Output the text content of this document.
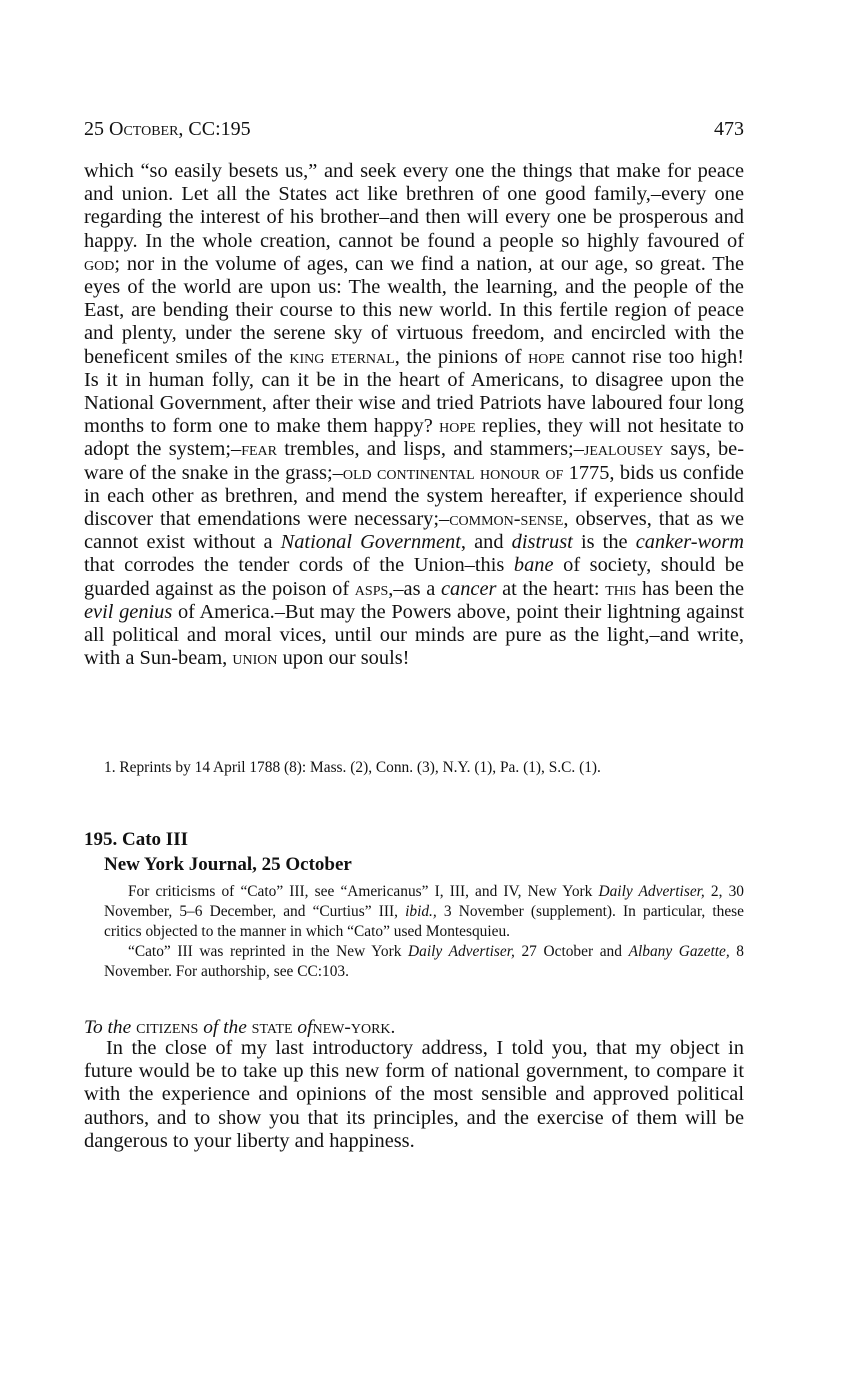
25 October, CC:195	473
which “so easily besets us,” and seek every one the things that make for peace and union. Let all the States act like brethren of one good family,–every one regarding the interest of his brother–and then will every one be prosperous and happy. In the whole creation, cannot be found a people so highly favoured of god; nor in the volume of ages, can we find a nation, at our age, so great. The eyes of the world are upon us: The wealth, the learning, and the people of the East, are bending their course to this new world. In this fertile region of peace and plenty, under the serene sky of virtuous freedom, and encircled with the beneficent smiles of the king eternal, the pinions of hope cannot rise too high! Is it in human folly, can it be in the heart of Americans, to disagree upon the National Government, after their wise and tried Patriots have laboured four long months to form one to make them happy? hope replies, they will not hesitate to adopt the system;–fear trembles, and lisps, and stammers;–jealousey says, beware of the snake in the grass;–old continental honour of 1775, bids us confide in each other as brethren, and mend the system hereafter, if experience should discover that emendations were necessary;–common-sense, observes, that as we cannot exist without a National Government, and distrust is the canker-worm that corrodes the tender cords of the Union–this bane of society, should be guarded against as the poison of asps,–as a cancer at the heart: this has been the evil genius of America.–But may the Powers above, point their lightning against all political and moral vices, until our minds are pure as the light,–and write, with a Sun-beam, union upon our souls!
1. Reprints by 14 April 1788 (8): Mass. (2), Conn. (3), N.Y. (1), Pa. (1), S.C. (1).
195. Cato III
New York Journal, 25 October

For criticisms of “Cato” III, see “Americanus” I, III, and IV, New York Daily Advertiser, 2, 30 November, 5–6 December, and “Curtius” III, ibid., 3 November (supplement). In particular, these critics objected to the manner in which “Cato” used Montesquieu.

“Cato” III was reprinted in the New York Daily Advertiser, 27 October and Albany Gazette, 8 November. For authorship, see CC:103.

To the citizens of the state ofnew-york.
In the close of my last introductory address, I told you, that my object in future would be to take up this new form of national government, to compare it with the experience and opinions of the most sensible and approved political authors, and to show you that its principles, and the exercise of them will be dangerous to your liberty and happiness.
